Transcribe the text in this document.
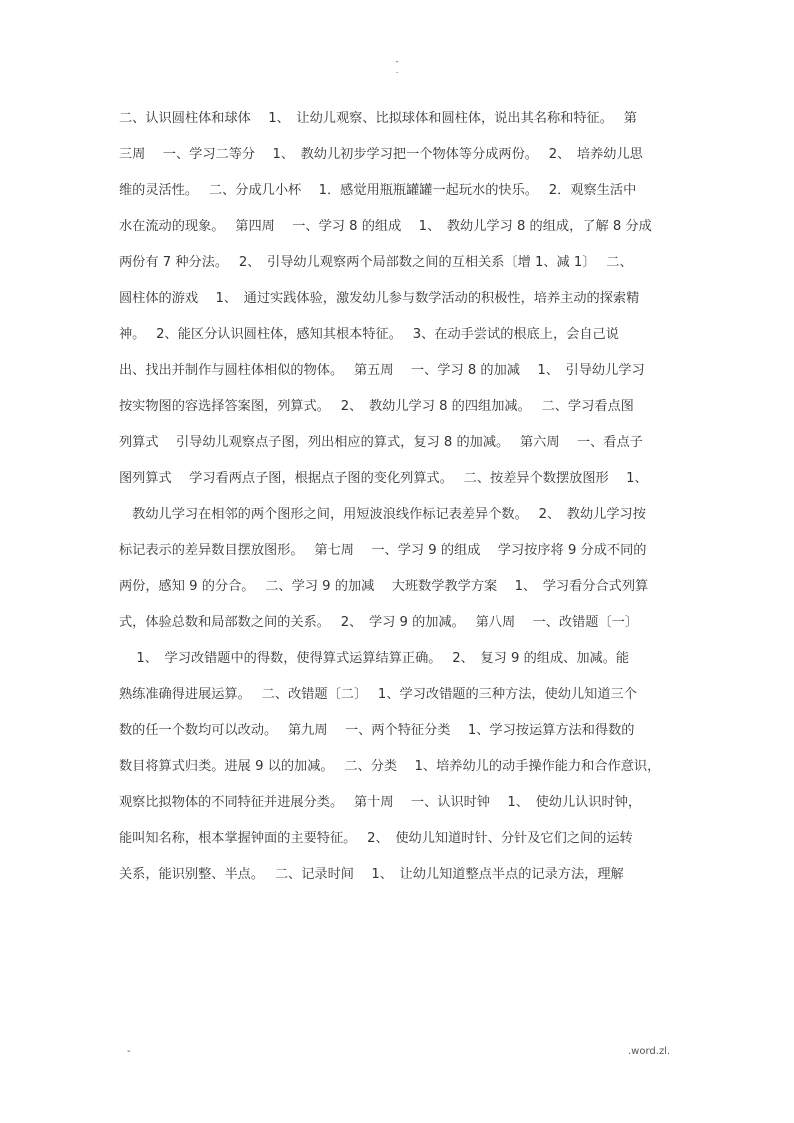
-
.
二、认识圆柱体和球体　 1、　让幼儿观察、比拟球体和圆柱体，说出其名称和特征。　 第
三周　 一、学习二等分　 1、　教幼儿初步学习把一个物体等分成两份。　 2、　培养幼儿思
维的灵活性。　 二、分成几小杯　 1．感觉用瓶瓶罐罐一起玩水的快乐。　 2．观察生活中
水在流动的现象。　 第四周　 一、学习 8 的组成　 1、　教幼儿学习 8 的组成，了解 8 分成
两份有 7 种分法。　 2、　引导幼儿观察两个局部数之间的互相关系〔增 1、减 1〕　 二、
圆柱体的游戏　 1、　通过实践体验，激发幼儿参与数学活动的积极性，培养主动的探索精
神。　 2、能区分认识圆柱体，感知其根本特征。　 3、在动手尝试的根底上，会自己说
出、找出并制作与圆柱体相似的物体。　 第五周　 一、学习 8 的加减　 1、　引导幼儿学习
按实物图的容选择答案图，列算式。　 2、　教幼儿学习 8 的四组加减。　 二、学习看点图
列算式　 引导幼儿观察点子图，列出相应的算式，复习 8 的加减。　 第六周　 一、看点子
图列算式　 学习看两点子图，根据点子图的变化列算式。　 二、按差异个数摆放图形　 1、
　教幼儿学习在相邻的两个图形之间，用短波浪线作标记表差异个数。　 2、　教幼儿学习按
标记表示的差异数目摆放图形。　 第七周　 一、学习 9 的组成　 学习按序将 9 分成不同的
两份，感知 9 的分合。　 二、学习 9 的加减　 大班数学教学方案　 1、　学习看分合式列算
式，体验总数和局部数之间的关系。　 2、　学习 9 的加减。　 第八周　 一、改错题〔一〕
　 1、　学习改错题中的得数，使得算式运算结算正确。　 2、　复习 9 的组成、加减。能
熟练准确得进展运算。　 二、改错题〔二〕　 1、学习改错题的三种方法，使幼儿知道三个
数的任一个数均可以改动。　 第九周　 一、两个特征分类　 1、学习按运算方法和得数的
数目将算式归类。进展 9 以的加减。　 二、分类　 1、培养幼儿的动手操作能力和合作意识，
观察比拟物体的不同特征并进展分类。　 第十周　 一、认识时钟　 1、　使幼儿认识时钟，
能叫知名称，根本掌握钟面的主要特征。　 2、　使幼儿知道时针、分针及它们之间的运转
关系，能识别整、半点。　 二、记录时间　 1、　让幼儿知道整点半点的记录方法，理解
-	.word.zl.
